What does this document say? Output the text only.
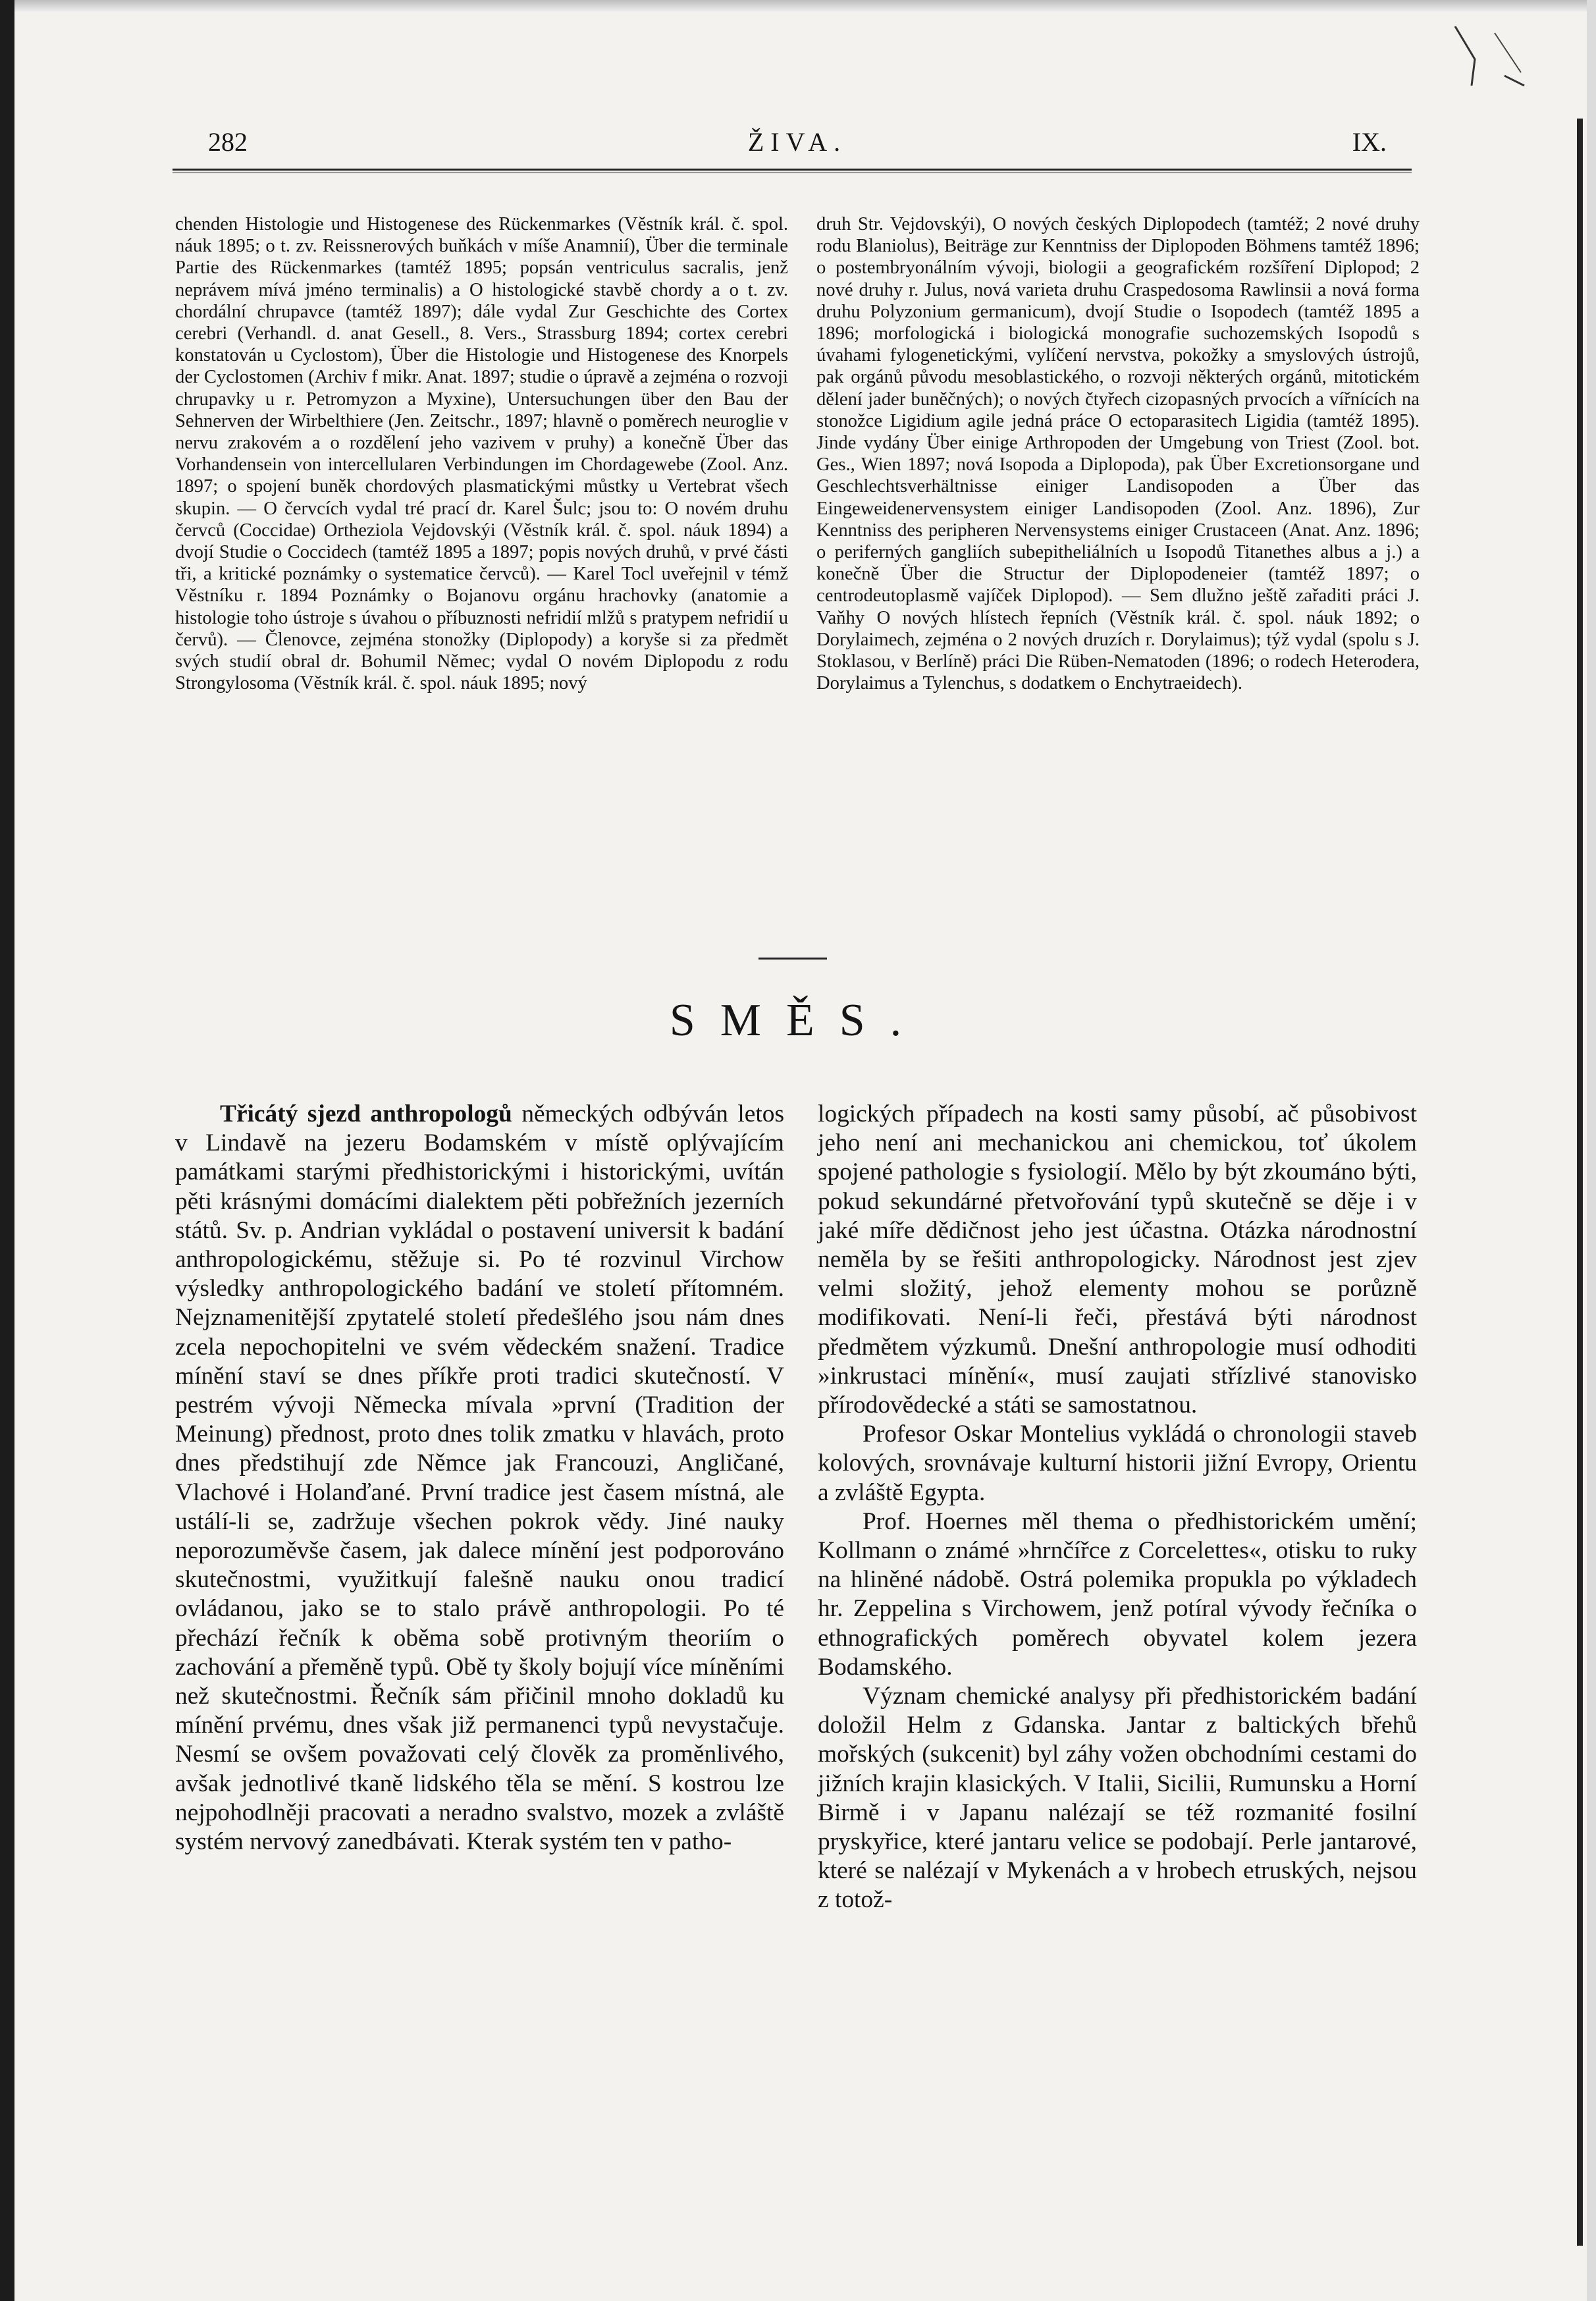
282	ŽIVA.	IX.

chenden Histologie und Histogenese des Rückenmarkes (Věstník král. č. spol. náuk 1895; o t. zv. Reissnerových buňkách v míše Anamnií), Über die terminale Partie des Rückenmarkes (tamtéž 1895; popsán ventriculus sacralis, jenž neprávem mívá jméno terminalis) a O histologické stavbě chordy a o t. zv. chordální chrupavce (tamtéž 1897); dále vydal Zur Geschichte des Cortex cerebri (Verhandl. d. anat Gesell., 8. Vers., Strassburg 1894; cortex cerebri konstatován u Cyclostom), Über die Histologie und Histogenese des Knorpels der Cyclostomen (Archiv f mikr. Anat. 1897; studie o úpravě a zejména o rozvoji chrupavky u r. Petromyzon a Myxine), Untersuchungen über den Bau der Sehnerven der Wirbelthiere (Jen. Zeitschr., 1897; hlavně o poměrech neuroglie v nervu zrakovém a o rozdělení jeho vazivem v pruhy) a konečně Über das Vorhandensein von intercellularen Verbindungen im Chordagewebe (Zool. Anz. 1897; o spojení buněk chordových plasmatickými můstky u Vertebrat všech skupin. — O červcích vydal tré prací dr. Karel Šulc; jsou to: O novém druhu červců (Coccidae) Ortheziola Vejdovskýi (Věstník král. č. spol. náuk 1894) a dvojí Studie o Coccidech (tamtéž 1895 a 1897; popis nových druhů, v prvé části tři, a kritické poznámky o systematice červců). — Karel Tocl uveřejnil v témž Věstníku r. 1894 Poznámky o Bojanovu orgánu hrachovky (anatomie a histologie toho ústroje s úvahou o příbuznosti nefridií mlžů s pratypem nefridií u červů). — Členovce, zejména stonožky (Diplopody) a koryše si za předmět svých studií obral dr. Bohumil Němec; vydal O novém Diplopodu z rodu Strongylosoma (Věstník král. č. spol. náuk 1895; nový

druh Str. Vejdovskýi), O nových českých Diplopodech (tamtéž; 2 nové druhy rodu Blaniolus), Beiträge zur Kenntniss der Diplopoden Böhmens tamtéž 1896; o postembryonálním vývoji, biologii a geografickém rozšíření Diplopod; 2 nové druhy r. Julus, nová varieta druhu Craspedosoma Rawlinsii a nová forma druhu Polyzonium germanicum), dvojí Studie o Isopodech (tamtéž 1895 a 1896; morfologická i biologická monografie suchozemských Isopodů s úvahami fylogenetickými, vylíčení nervstva, pokožky a smyslových ústrojů, pak orgánů původu mesoblastického, o rozvoji některých orgánů, mitotickém dělení jader buněčných); o nových čtyřech cizopasných prvocích a vířnících na stonožce Ligidium agile jedná práce O ectoparasitech Ligidia (tamtéž 1895). Jinde vydány Über einige Arthropoden der Umgebung von Triest (Zool. bot. Ges., Wien 1897; nová Isopoda a Diplopoda), pak Über Excretionsorgane und Geschlechtsverhältnisse einiger Landisopoden a Über das Eingeweidenervensystem einiger Landisopoden (Zool. Anz. 1896), Zur Kenntniss des peripheren Nervensystems einiger Crustaceen (Anat. Anz. 1896; o periferných gangliích subepitheliálních u Isopodů Titanethes albus a j.) a konečně Über die Structur der Diplopodeneier (tamtéž 1897; o centrodeutoplasmě vajíček Diplopod). — Sem dlužno ještě zařaditi práci J. Vaňhy O nových hlístech řepních (Věstník král. č. spol. náuk 1892; o Dorylaimech, zejména o 2 nových druzích r. Dorylaimus); týž vydal (spolu s J. Stoklasou, v Berlíně) práci Die Rüben-Nematoden (1896; o rodech Heterodera, Dorylaimus a Tylenchus, s dodatkem o Enchytraeidech).

SMĚS.

Třicátý sjezd anthropologů německých odbýván letos v Lindavě na jezeru Bodamském v místě oplývajícím památkami starými předhistorickými i historickými, uvítán pěti krásnými domácími dialektem pěti pobřežních jezerních států. Sv. p. Andrian vykládal o postavení universit k badání anthropologickému, stěžuje si. Po té rozvinul Virchow výsledky anthropologického badání ve století přítomném. Nejznamenitější zpytatelé století předešlého jsou nám dnes zcela nepochopitelni ve svém vědeckém snažení. Tradice mínění staví se dnes příkře proti tradici skutečností. V pestrém vývoji Německa mívala »první (Tradition der Meinung) přednost, proto dnes tolik zmatku v hlavách, proto dnes předstihují zde Němce jak Francouzi, Angličané, Vlachové i Holanďané. První tradice jest časem místná, ale ustálí-li se, zadržuje všechen pokrok vědy. Jiné nauky neporozuměvše časem, jak dalece mínění jest podporováno skutečnostmi, využitkují falešně nauku onou tradicí ovládanou, jako se to stalo právě anthropologii. Po té přechází řečník k oběma sobě protivným theoriím o zachování a přeměně typů. Obě ty školy bojují více míněními než skutečnostmi. Řečník sám přičinil mnoho dokladů ku mínění prvému, dnes však již permanenci typů nevystačuje. Nesmí se ovšem považovati celý člověk za proměnlivého, avšak jednotlivé tkaně lidského těla se mění. S kostrou lze nejpohodlněji pracovati a neradno svalstvo, mozek a zvláště systém nervový zanedbávati. Kterak systém ten v patho-

logických případech na kosti samy působí, ač působivost jeho není ani mechanickou ani chemickou, toť úkolem spojené pathologie s fysiologií. Mělo by být zkoumáno býti, pokud sekundárné přetvořování typů skutečně se děje i v jaké míře dědičnost jeho jest účastna. Otázka národnostní neměla by se řešiti anthropologicky. Národnost jest zjev velmi složitý, jehož elementy mohou se porůzně modifikovati. Není-li řeči, přestává býti národnost předmětem výzkumů. Dnešní anthropologie musí odhoditi »inkrustaci mínění«, musí zaujati střízlivé stanovisko přírodovědecké a státi se samostatnou.

Profesor Oskar Montelius vykládá o chronologii staveb kolových, srovnávaje kulturní historii jižní Evropy, Orientu a zvláště Egypta.

Prof. Hoernes měl thema o předhistorickém umění; Kollmann o známé »hrnčířce z Corcelettes«, otisku to ruky na hliněné nádobě. Ostrá polemika propukla po výkladech hr. Zeppelina s Virchowem, jenž potíral vývody řečníka o ethnografických poměrech obyvatel kolem jezera Bodamského.

Význam chemické analysy při předhistorickém badání doložil Helm z Gdanska. Jantar z baltických břehů mořských (sukcenit) byl záhy vožen obchodními cestami do jižních krajin klasických. V Italii, Sicilii, Rumunsku a Horní Birmě i v Japanu nalézají se též rozmanité fosilní pryskyřice, které jantaru velice se podobají. Perle jantarové, které se nalézají v Mykenách a v hrobech etruských, nejsou z totož-
